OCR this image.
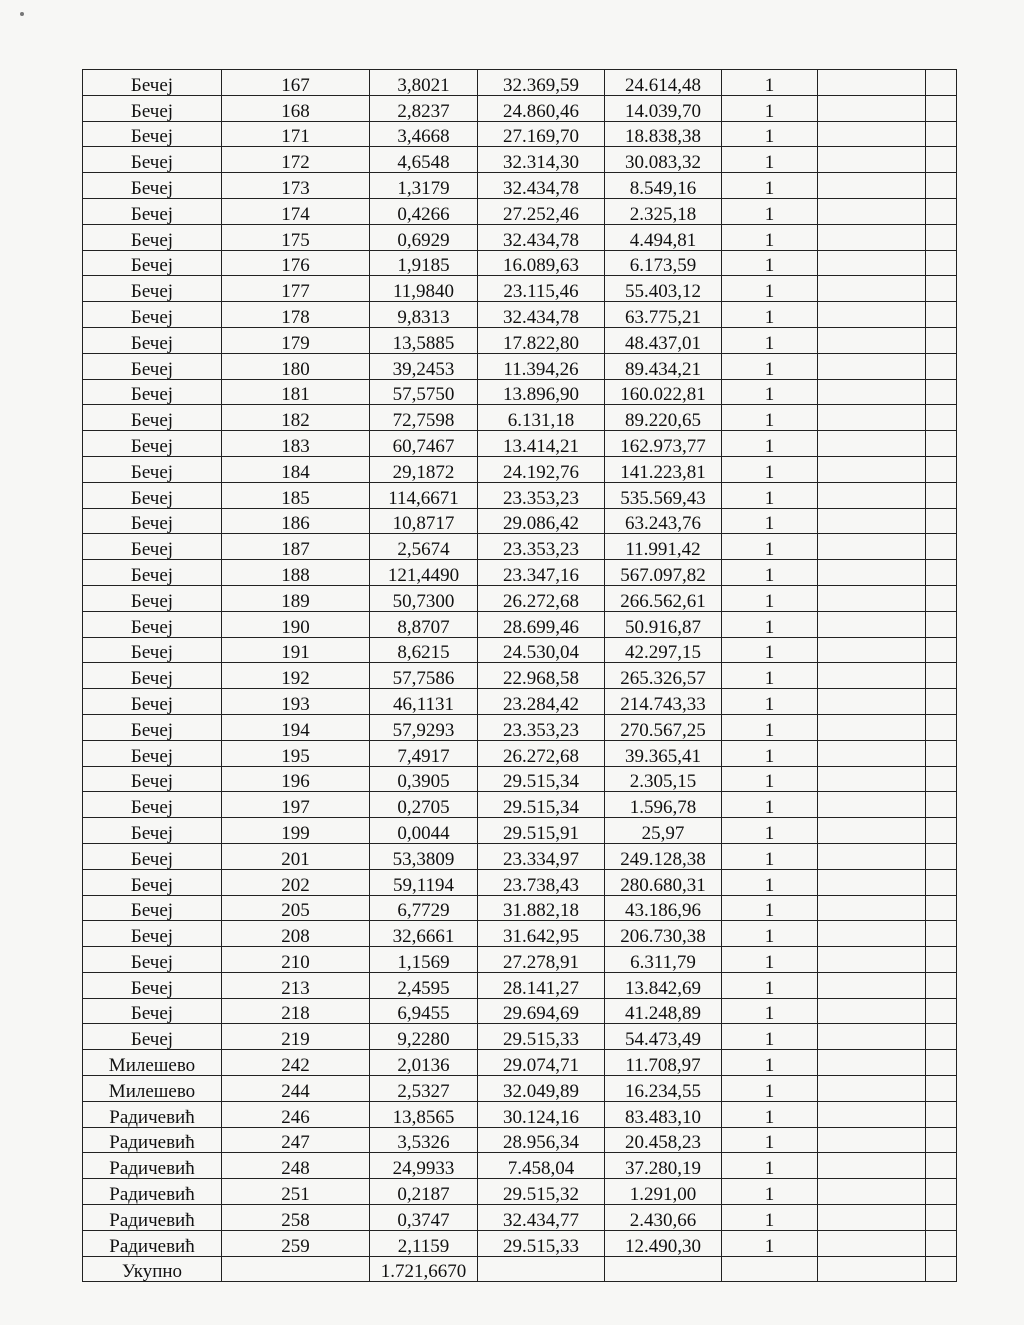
Бечеј	167	3,8021	32.369,59	24.614,48	1		
Бечеј	168	2,8237	24.860,46	14.039,70	1		
Бечеј	171	3,4668	27.169,70	18.838,38	1		
Бечеј	172	4,6548	32.314,30	30.083,32	1		
Бечеј	173	1,3179	32.434,78	8.549,16	1		
Бечеј	174	0,4266	27.252,46	2.325,18	1		
Бечеј	175	0,6929	32.434,78	4.494,81	1		
Бечеј	176	1,9185	16.089,63	6.173,59	1		
Бечеј	177	11,9840	23.115,46	55.403,12	1		
Бечеј	178	9,8313	32.434,78	63.775,21	1		
Бечеј	179	13,5885	17.822,80	48.437,01	1		
Бечеј	180	39,2453	11.394,26	89.434,21	1		
Бечеј	181	57,5750	13.896,90	160.022,81	1		
Бечеј	182	72,7598	6.131,18	89.220,65	1		
Бечеј	183	60,7467	13.414,21	162.973,77	1		
Бечеј	184	29,1872	24.192,76	141.223,81	1		
Бечеј	185	114,6671	23.353,23	535.569,43	1		
Бечеј	186	10,8717	29.086,42	63.243,76	1		
Бечеј	187	2,5674	23.353,23	11.991,42	1		
Бечеј	188	121,4490	23.347,16	567.097,82	1		
Бечеј	189	50,7300	26.272,68	266.562,61	1		
Бечеј	190	8,8707	28.699,46	50.916,87	1		
Бечеј	191	8,6215	24.530,04	42.297,15	1		
Бечеј	192	57,7586	22.968,58	265.326,57	1		
Бечеј	193	46,1131	23.284,42	214.743,33	1		
Бечеј	194	57,9293	23.353,23	270.567,25	1		
Бечеј	195	7,4917	26.272,68	39.365,41	1		
Бечеј	196	0,3905	29.515,34	2.305,15	1		
Бечеј	197	0,2705	29.515,34	1.596,78	1		
Бечеј	199	0,0044	29.515,91	25,97	1		
Бечеј	201	53,3809	23.334,97	249.128,38	1		
Бечеј	202	59,1194	23.738,43	280.680,31	1		
Бечеј	205	6,7729	31.882,18	43.186,96	1		
Бечеј	208	32,6661	31.642,95	206.730,38	1		
Бечеј	210	1,1569	27.278,91	6.311,79	1		
Бечеј	213	2,4595	28.141,27	13.842,69	1		
Бечеј	218	6,9455	29.694,69	41.248,89	1		
Бечеј	219	9,2280	29.515,33	54.473,49	1		
Милешево	242	2,0136	29.074,71	11.708,97	1		
Милешево	244	2,5327	32.049,89	16.234,55	1		
Радичевић	246	13,8565	30.124,16	83.483,10	1		
Радичевић	247	3,5326	28.956,34	20.458,23	1		
Радичевић	248	24,9933	7.458,04	37.280,19	1		
Радичевић	251	0,2187	29.515,32	1.291,00	1		
Радичевић	258	0,3747	32.434,77	2.430,66	1		
Радичевић	259	2,1159	29.515,33	12.490,30	1		
Укупно		1.721,6670					
